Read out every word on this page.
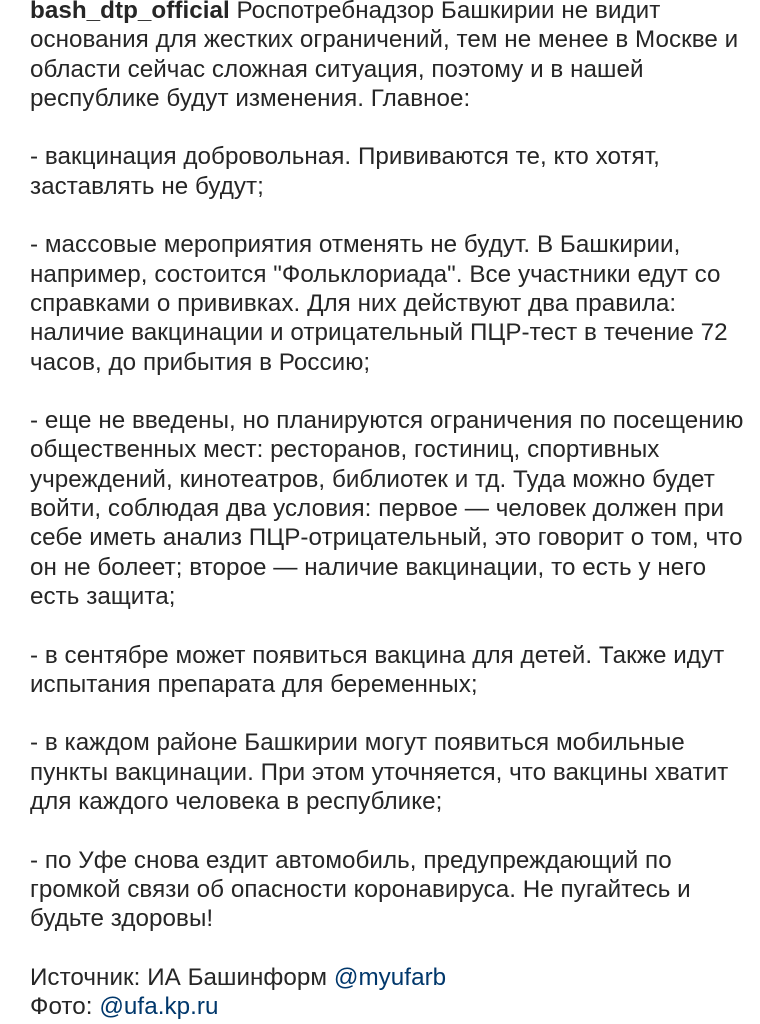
bash_dtp_official Роспотребнадзор Башкирии не видит основания для жестких ограничений, тем не менее в Москве и области сейчас сложная ситуация, поэтому и в нашей республике будут изменения. Главное:

- вакцинация добровольная. Прививаются те, кто хотят, заставлять не будут;

- массовые мероприятия отменять не будут. В Башкирии, например, состоится "Фольклориада". Все участники едут со справками о прививках. Для них действуют два правила: наличие вакцинации и отрицательный ПЦР-тест в течение 72 часов, до прибытия в Россию;

- еще не введены, но планируются ограничения по посещению общественных мест: ресторанов, гостиниц, спортивных учреждений, кинотеатров, библиотек и тд. Туда можно будет войти, соблюдая два условия: первое — человек должен при себе иметь анализ ПЦР-отрицательный, это говорит о том, что он не болеет; второе — наличие вакцинации, то есть у него есть защита;

- в сентябре может появиться вакцина для детей. Также идут испытания препарата для беременных;

- в каждом районе Башкирии могут появиться мобильные пункты вакцинации. При этом уточняется, что вакцины хватит для каждого человека в республике;

- по Уфе снова ездит автомобиль, предупреждающий по громкой связи об опасности коронавируса. Не пугайтесь и будьте здоровы!

Источник: ИА Башинформ @myufarb
Фото: @ufa.kp.ru
